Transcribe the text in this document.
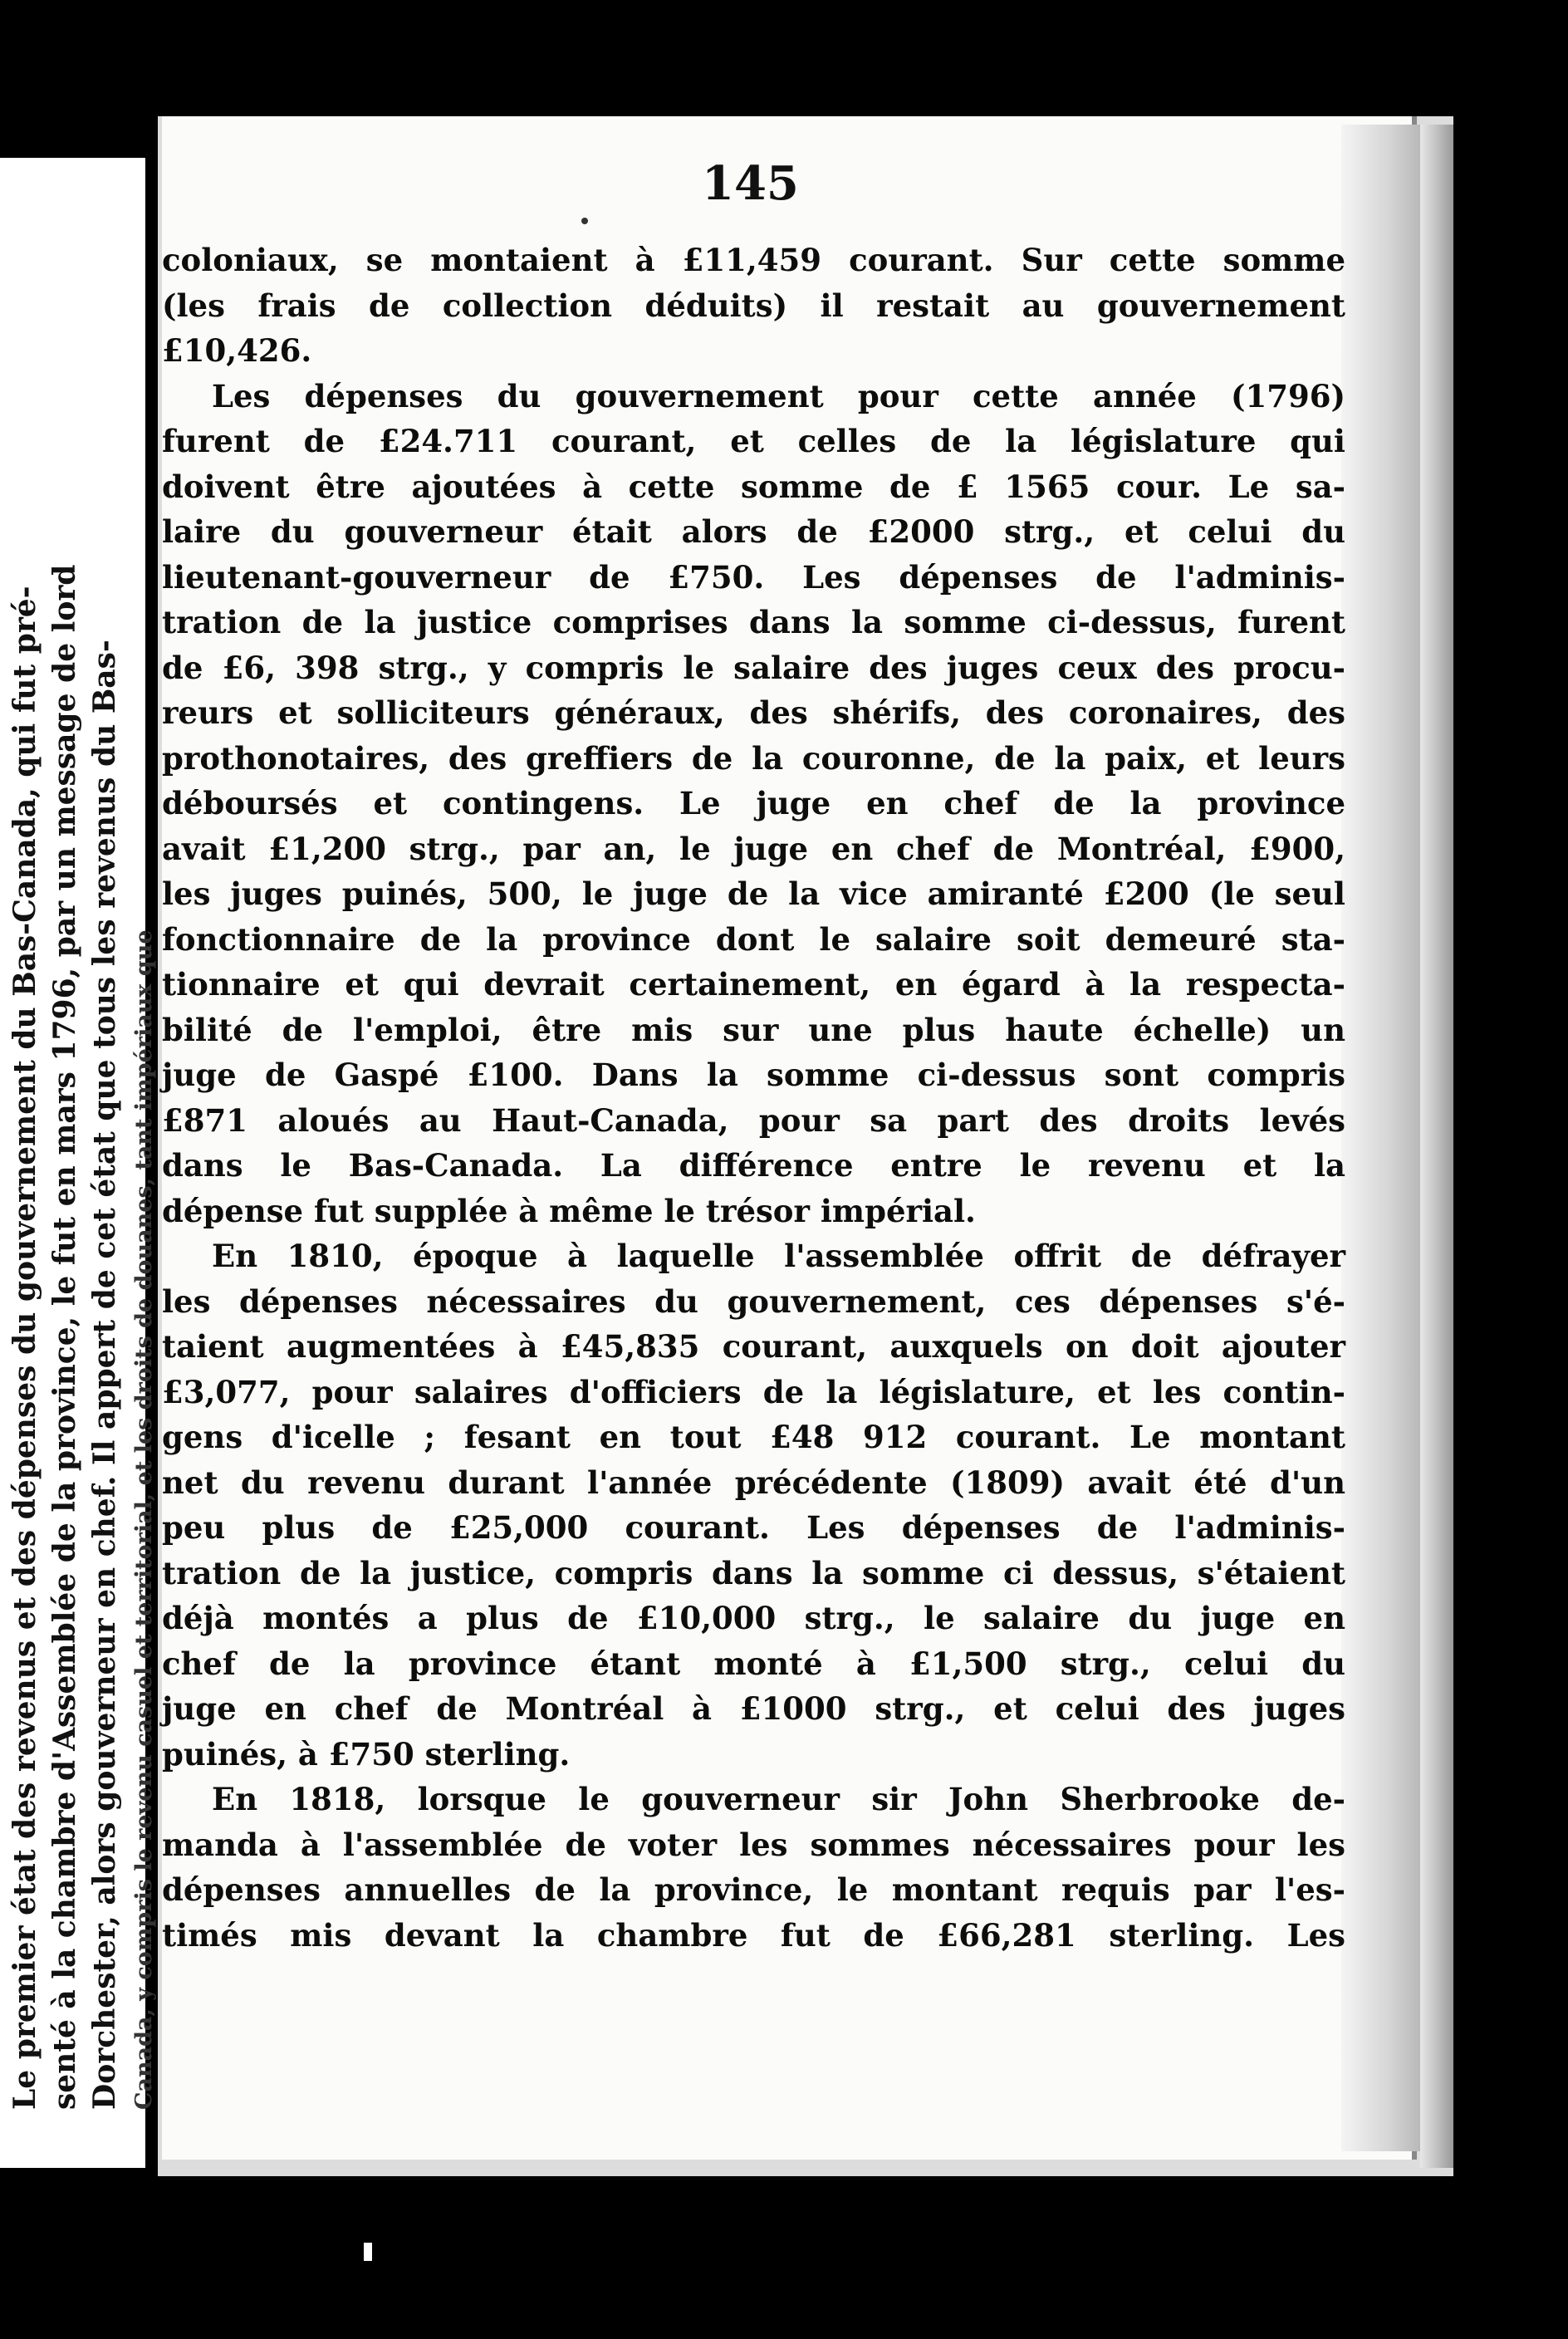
Le premier état des revenus et des dépenses du gouvernement du Bas-Canada, qui fut pré- senté à la chambre d'Assemblée de la province, le fut en mars 1796, par un message de lord Dorchester, alors gouverneur en chef. Il appert de cet état que tous les revenus du Bas- Canada, y compris le revenu casuel et territorial, et les droits de douanes, tant impériaux que
145
coloniaux, se montaient à £11,459 courant. Sur cette somme
(les frais de collection déduits) il restait au gouvernement
£10,426.
Les dépenses du gouvernement pour cette année (1796)
furent de £24.711 courant, et celles de la législature qui
doivent être ajoutées à cette somme de £ 1565 cour. Le sa-
laire du gouverneur était alors de £2000 strg., et celui du
lieutenant-gouverneur de £750. Les dépenses de l'adminis-
tration de la justice comprises dans la somme ci-dessus, furent
de £6, 398 strg., y compris le salaire des juges ceux des procu-
reurs et solliciteurs généraux, des shérifs, des coronaires, des
prothonotaires, des greffiers de la couronne, de la paix, et leurs
déboursés et contingens. Le juge en chef de la province
avait £1,200 strg., par an, le juge en chef de Montréal, £900,
les juges puinés, 500, le juge de la vice amiranté £200 (le seul
fonctionnaire de la province dont le salaire soit demeuré sta-
tionnaire et qui devrait certainement, en égard à la respecta-
bilité de l'emploi, être mis sur une plus haute échelle) un
juge de Gaspé £100. Dans la somme ci-dessus sont compris
£871 aloués au Haut-Canada, pour sa part des droits levés
dans le Bas-Canada. La différence entre le revenu et la
dépense fut supplée à même le trésor impérial.
En 1810, époque à laquelle l'assemblée offrit de défrayer
les dépenses nécessaires du gouvernement, ces dépenses s'é-
taient augmentées à £45,835 courant, auxquels on doit ajouter
£3,077, pour salaires d'officiers de la législature, et les contin-
gens d'icelle ; fesant en tout £48 912 courant. Le montant
net du revenu durant l'année précédente (1809) avait été d'un
peu plus de £25,000 courant. Les dépenses de l'adminis-
tration de la justice, compris dans la somme ci dessus, s'étaient
déjà montés a plus de £10,000 strg., le salaire du juge en
chef de la province étant monté à £1,500 strg., celui du
juge en chef de Montréal à £1000 strg., et celui des juges
puinés, à £750 sterling.
En 1818, lorsque le gouverneur sir John Sherbrooke de-
manda à l'assemblée de voter les sommes nécessaires pour les
dépenses annuelles de la province, le montant requis par l'es-
timés mis devant la chambre fut de £66,281 sterling. Les
